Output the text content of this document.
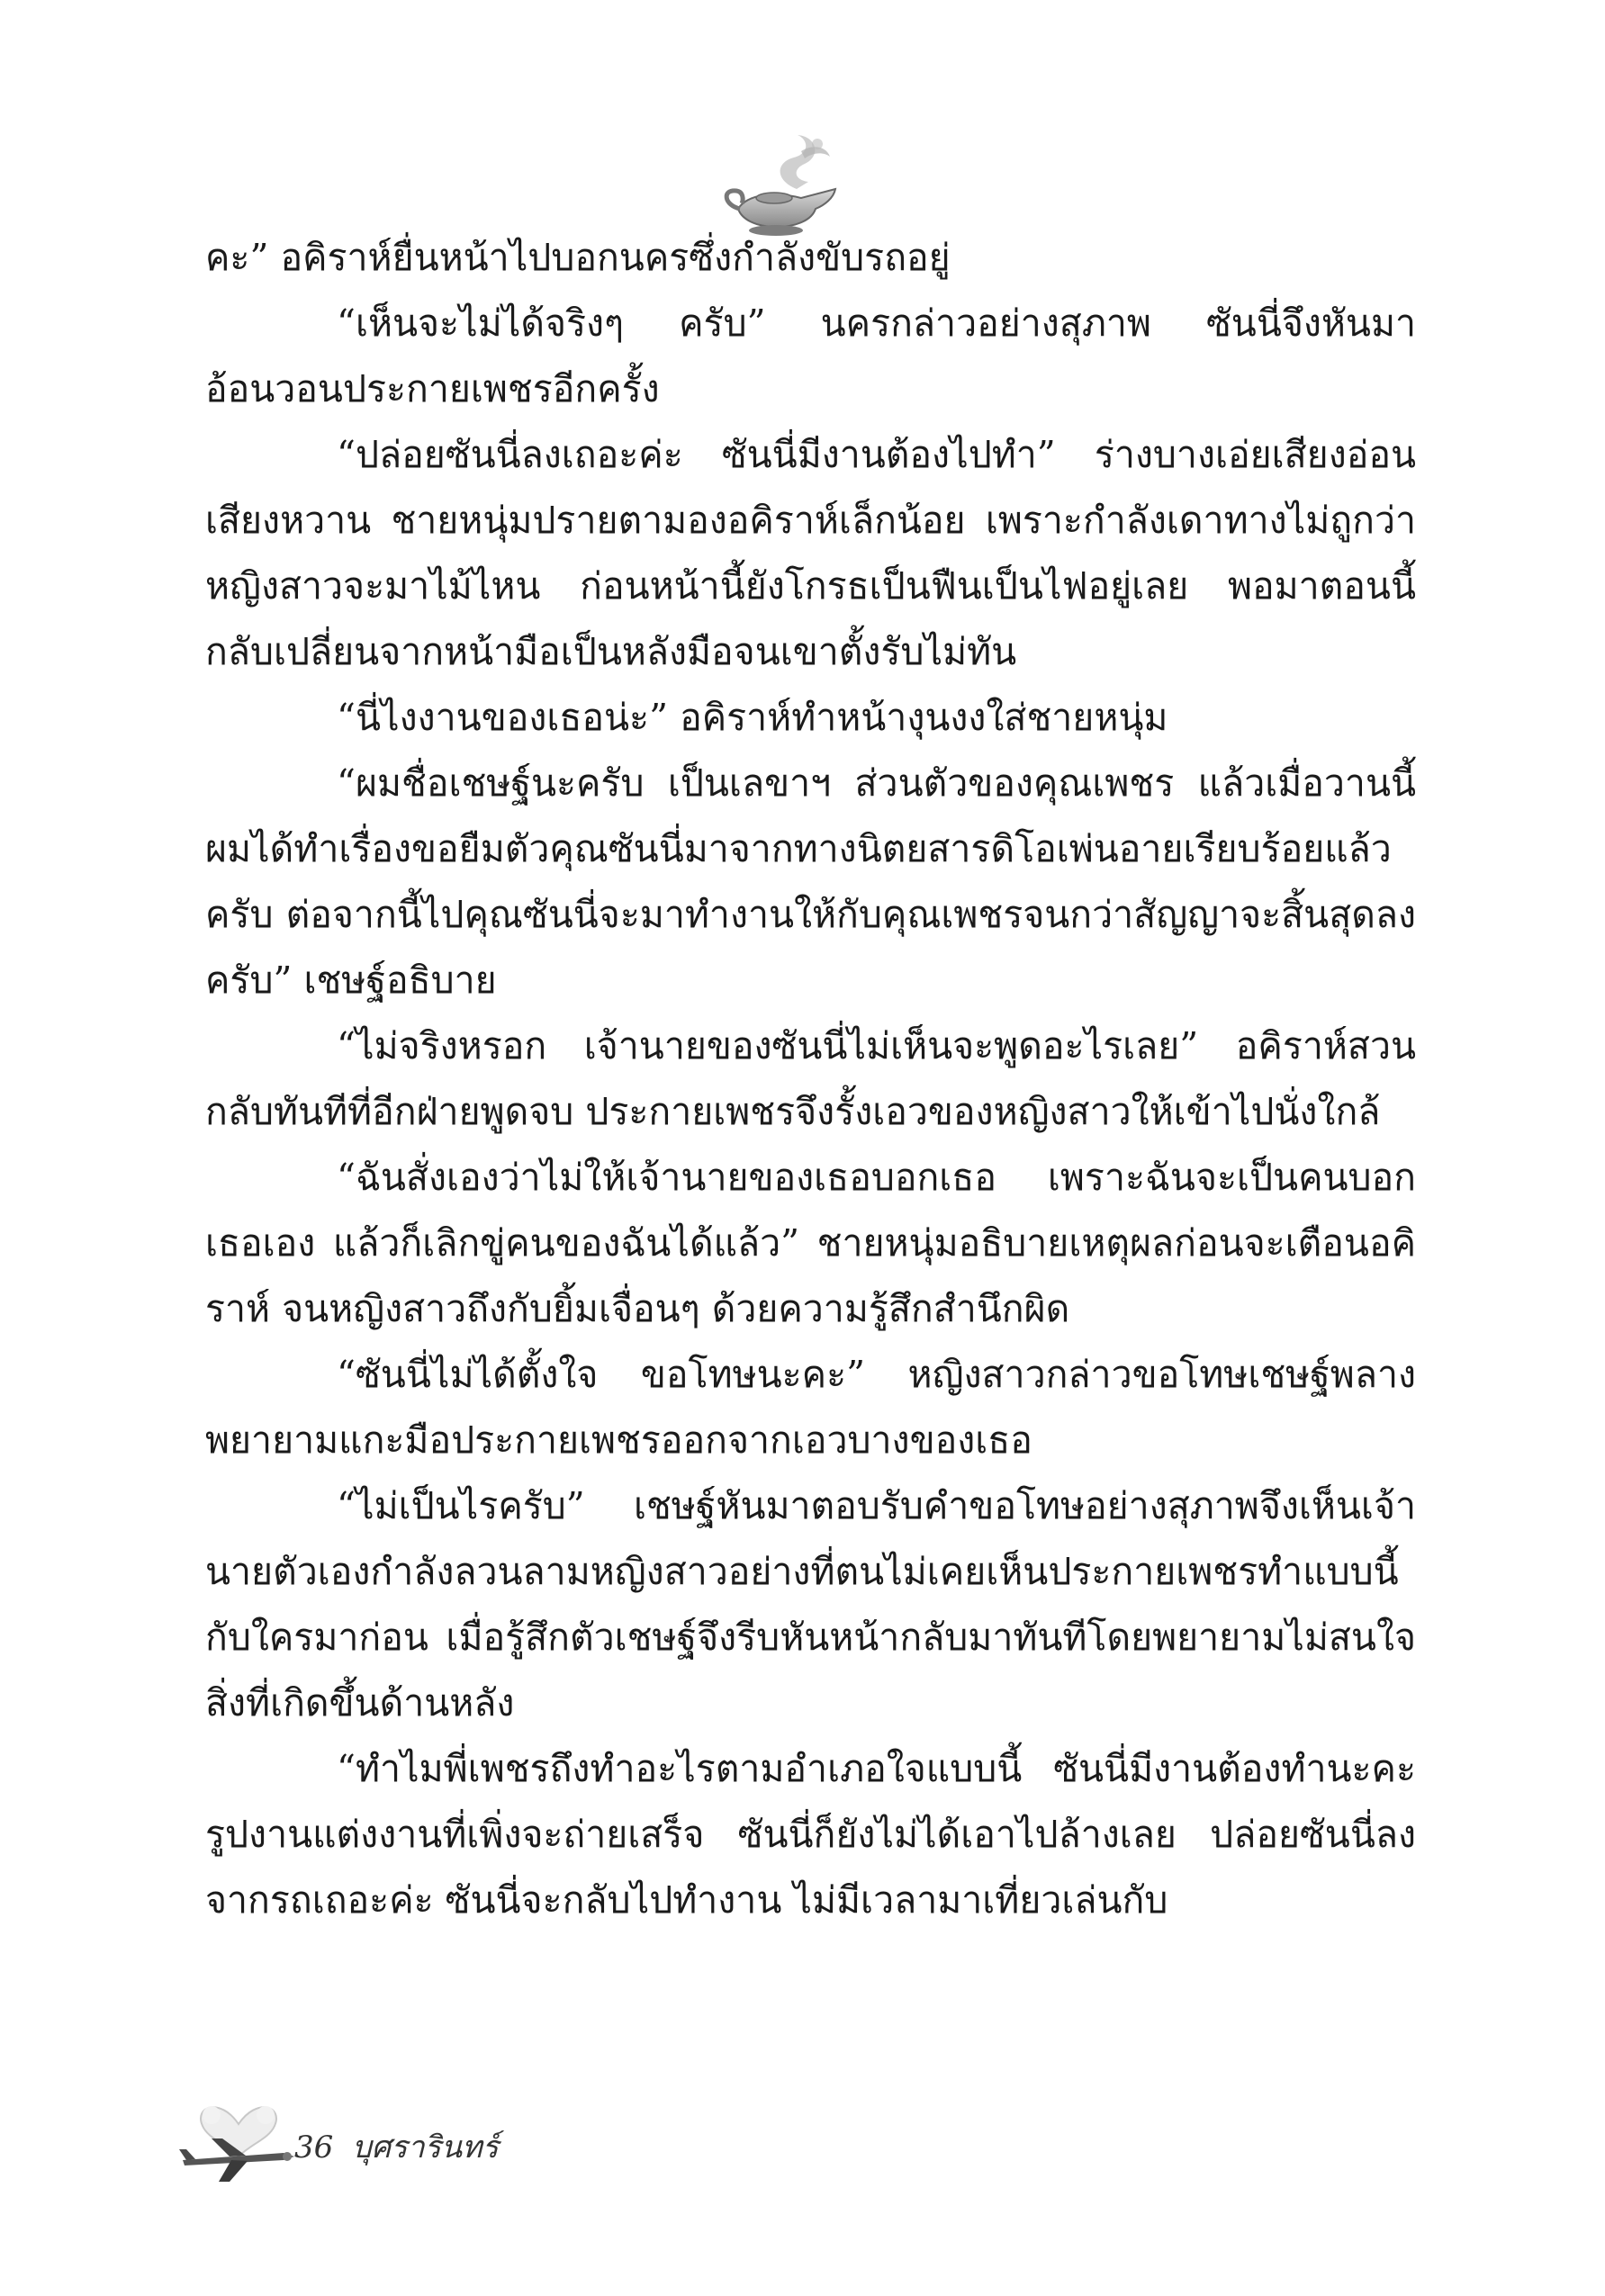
คะ” อคิราห์ยื่นหน้าไปบอกนครซึ่งกำลังขับรถอยู่

“เห็นจะไม่ได้จริงๆ ครับ” นครกล่าวอย่างสุภาพ ซันนี่จึงหันมาอ้อนวอนประกายเพชรอีกครั้ง

“ปล่อยซันนี่ลงเถอะค่ะ ซันนี่มีงานต้องไปทำ” ร่างบางเอ่ยเสียงอ่อนเสียงหวาน ชายหนุ่มปรายตามองอคิราห์เล็กน้อย เพราะกำลังเดาทางไม่ถูกว่าหญิงสาวจะมาไม้ไหน ก่อนหน้านี้ยังโกรธเป็นฟืนเป็นไฟอยู่เลย พอมาตอนนี้กลับเปลี่ยนจากหน้ามือเป็นหลังมือจนเขาตั้งรับไม่ทัน

“นี่ไงงานของเธอน่ะ” อคิราห์ทำหน้างุนงงใส่ชายหนุ่ม

“ผมชื่อเชษฐ์นะครับ เป็นเลขาฯ ส่วนตัวของคุณเพชร แล้วเมื่อวานนี้ผมได้ทำเรื่องขอยืมตัวคุณซันนี่มาจากทางนิตยสารดิโอเพ่นอายเรียบร้อยแล้วครับ ต่อจากนี้ไปคุณซันนี่จะมาทำงานให้กับคุณเพชรจนกว่าสัญญาจะสิ้นสุดลงครับ” เชษฐ์อธิบาย

“ไม่จริงหรอก เจ้านายของซันนี่ไม่เห็นจะพูดอะไรเลย” อคิราห์สวนกลับทันทีที่อีกฝ่ายพูดจบ ประกายเพชรจึงรั้งเอวของหญิงสาวให้เข้าไปนั่งใกล้

“ฉันสั่งเองว่าไม่ให้เจ้านายของเธอบอกเธอ เพราะฉันจะเป็นคนบอกเธอเอง แล้วก็เลิกขู่คนของฉันได้แล้ว” ชายหนุ่มอธิบายเหตุผลก่อนจะเตือนอคิราห์ จนหญิงสาวถึงกับยิ้มเจื่อนๆ ด้วยความรู้สึกสำนึกผิด

“ซันนี่ไม่ได้ตั้งใจ ขอโทษนะคะ” หญิงสาวกล่าวขอโทษเชษฐ์พลางพยายามแกะมือประกายเพชรออกจากเอวบางของเธอ

“ไม่เป็นไรครับ” เชษฐ์หันมาตอบรับคำขอโทษอย่างสุภาพจึงเห็นเจ้านายตัวเองกำลังลวนลามหญิงสาวอย่างที่ตนไม่เคยเห็นประกายเพชรทำแบบนี้กับใครมาก่อน เมื่อรู้สึกตัวเชษฐ์จึงรีบหันหน้ากลับมาทันทีโดยพยายามไม่สนใจสิ่งที่เกิดขึ้นด้านหลัง

“ทำไมพี่เพชรถึงทำอะไรตามอำเภอใจแบบนี้ ซันนี่มีงานต้องทำนะคะ รูปงานแต่งงานที่เพิ่งจะถ่ายเสร็จ ซันนี่ก็ยังไม่ได้เอาไปล้างเลย ปล่อยซันนี่ลงจากรถเถอะค่ะ ซันนี่จะกลับไปทำงาน ไม่มีเวลามาเที่ยวเล่นกับ

36 บุศรารินทร์
